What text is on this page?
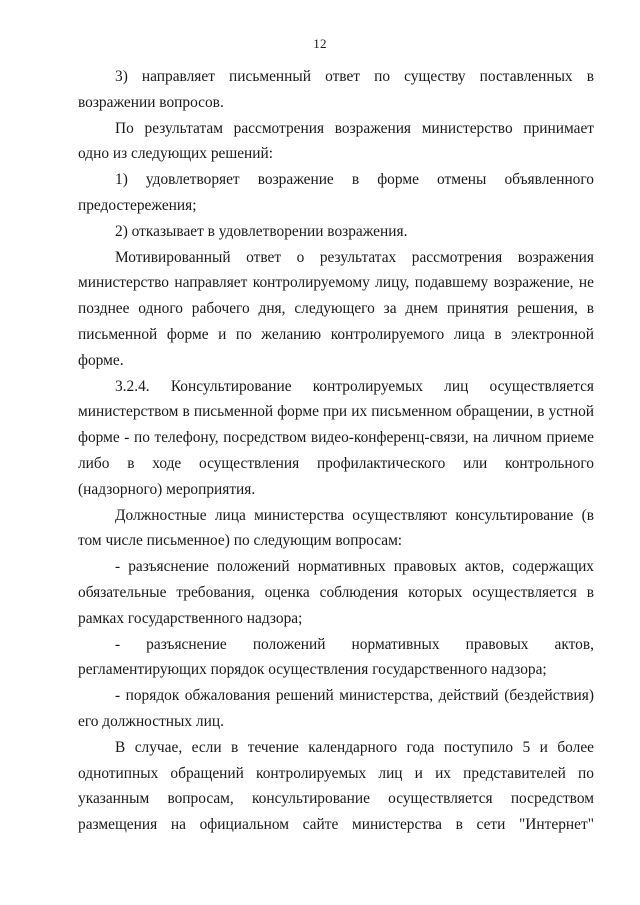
12

3) направляет письменный ответ по существу поставленных в возражении вопросов.

По результатам рассмотрения возражения министерство принимает одно из следующих решений:

1) удовлетворяет возражение в форме отмены объявленного предостережения;

2) отказывает в удовлетворении возражения.

Мотивированный ответ о результатах рассмотрения возражения министерство направляет контролируемому лицу, подавшему возражение, не позднее одного рабочего дня, следующего за днем принятия решения, в письменной форме и по желанию контролируемого лица в электронной форме.

3.2.4. Консультирование контролируемых лиц осуществляется министерством в письменной форме при их письменном обращении, в устной форме - по телефону, посредством видео-конференц-связи, на личном приеме либо в ходе осуществления профилактического или контрольного (надзорного) мероприятия.

Должностные лица министерства осуществляют консультирование (в том числе письменное) по следующим вопросам:

- разъяснение положений нормативных правовых актов, содержащих обязательные требования, оценка соблюдения которых осуществляется в рамках государственного надзора;

- разъяснение положений нормативных правовых актов, регламентирующих порядок осуществления государственного надзора;

- порядок обжалования решений министерства, действий (бездействия) его должностных лиц.

В случае, если в течение календарного года поступило 5 и более однотипных обращений контролируемых лиц и их представителей по указанным вопросам, консультирование осуществляется посредством размещения на официальном сайте министерства в сети "Интернет"
